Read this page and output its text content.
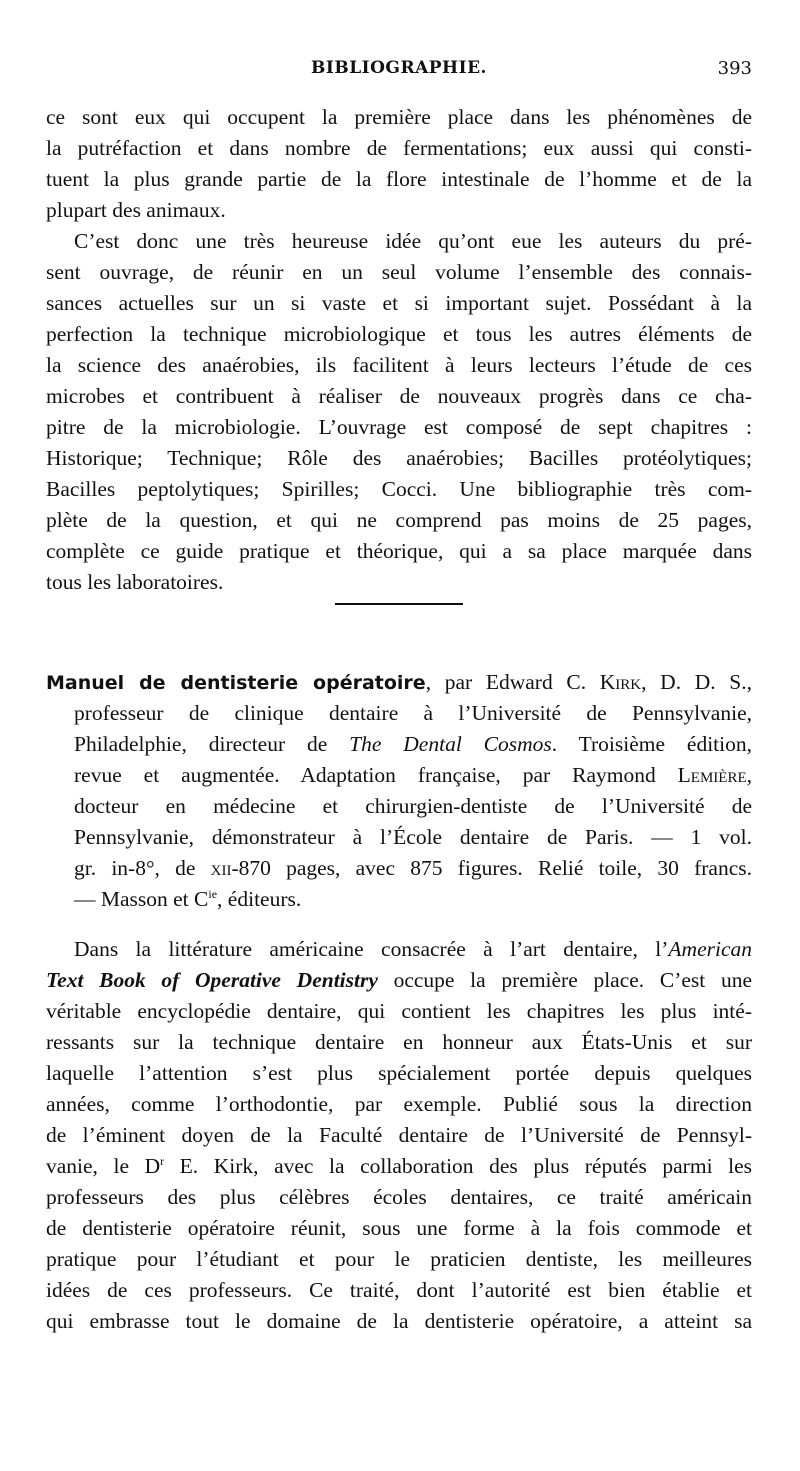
BIBLIOGRAPHIE.	393
ce sont eux qui occupent la première place dans les phénomènes de
la putréfaction et dans nombre de fermentations; eux aussi qui consti-
tuent la plus grande partie de la flore intestinale de l’homme et de la
plupart des animaux.
C’est donc une très heureuse idée qu’ont eue les auteurs du pré-
sent ouvrage, de réunir en un seul volume l’ensemble des connais-
sances actuelles sur un si vaste et si important sujet. Possédant à la
perfection la technique microbiologique et tous les autres éléments de
la science des anaérobies, ils facilitent à leurs lecteurs l’étude de ces
microbes et contribuent à réaliser de nouveaux progrès dans ce cha-
pitre de la microbiologie. L’ouvrage est composé de sept chapitres :
Historique; Technique; Rôle des anaérobies; Bacilles protéolytiques;
Bacilles peptolytiques; Spirilles; Cocci. Une bibliographie très com-
plète de la question, et qui ne comprend pas moins de 25 pages,
complète ce guide pratique et théorique, qui a sa place marquée dans
tous les laboratoires.
Manuel de dentisterie opératoire, par Edward C. Kirk, D. D. S.,
professeur de clinique dentaire à l’Université de Pennsylvanie,
Philadelphie, directeur de The Dental Cosmos. Troisième édition,
revue et augmentée. Adaptation française, par Raymond Lemière,
docteur en médecine et chirurgien-dentiste de l’Université de
Pennsylvanie, démonstrateur à l’École dentaire de Paris. — 1 vol.
gr. in-8°, de xii-870 pages, avec 875 figures. Relié toile, 30 francs.
— Masson et $C^{ie}$, éditeurs.
Dans la littérature américaine consacrée à l’art dentaire, l’American
Text Book of Operative Dentistry occupe la première place. C’est une
véritable encyclopédie dentaire, qui contient les chapitres les plus inté-
ressants sur la technique dentaire en honneur aux États-Unis et sur
laquelle l’attention s’est plus spécialement portée depuis quelques
années, comme l’orthodontie, par exemple. Publié sous la direction
de l’éminent doyen de la Faculté dentaire de l’Université de Pennsyl-
vanie, le $D^r$ E. Kirk, avec la collaboration des plus réputés parmi les
professeurs des plus célèbres écoles dentaires, ce traité américain
de dentisterie opératoire réunit, sous une forme à la fois commode et
pratique pour l’étudiant et pour le praticien dentiste, les meilleures
idées de ces professeurs. Ce traité, dont l’autorité est bien établie et
qui embrasse tout le domaine de la dentisterie opératoire, a atteint sa
